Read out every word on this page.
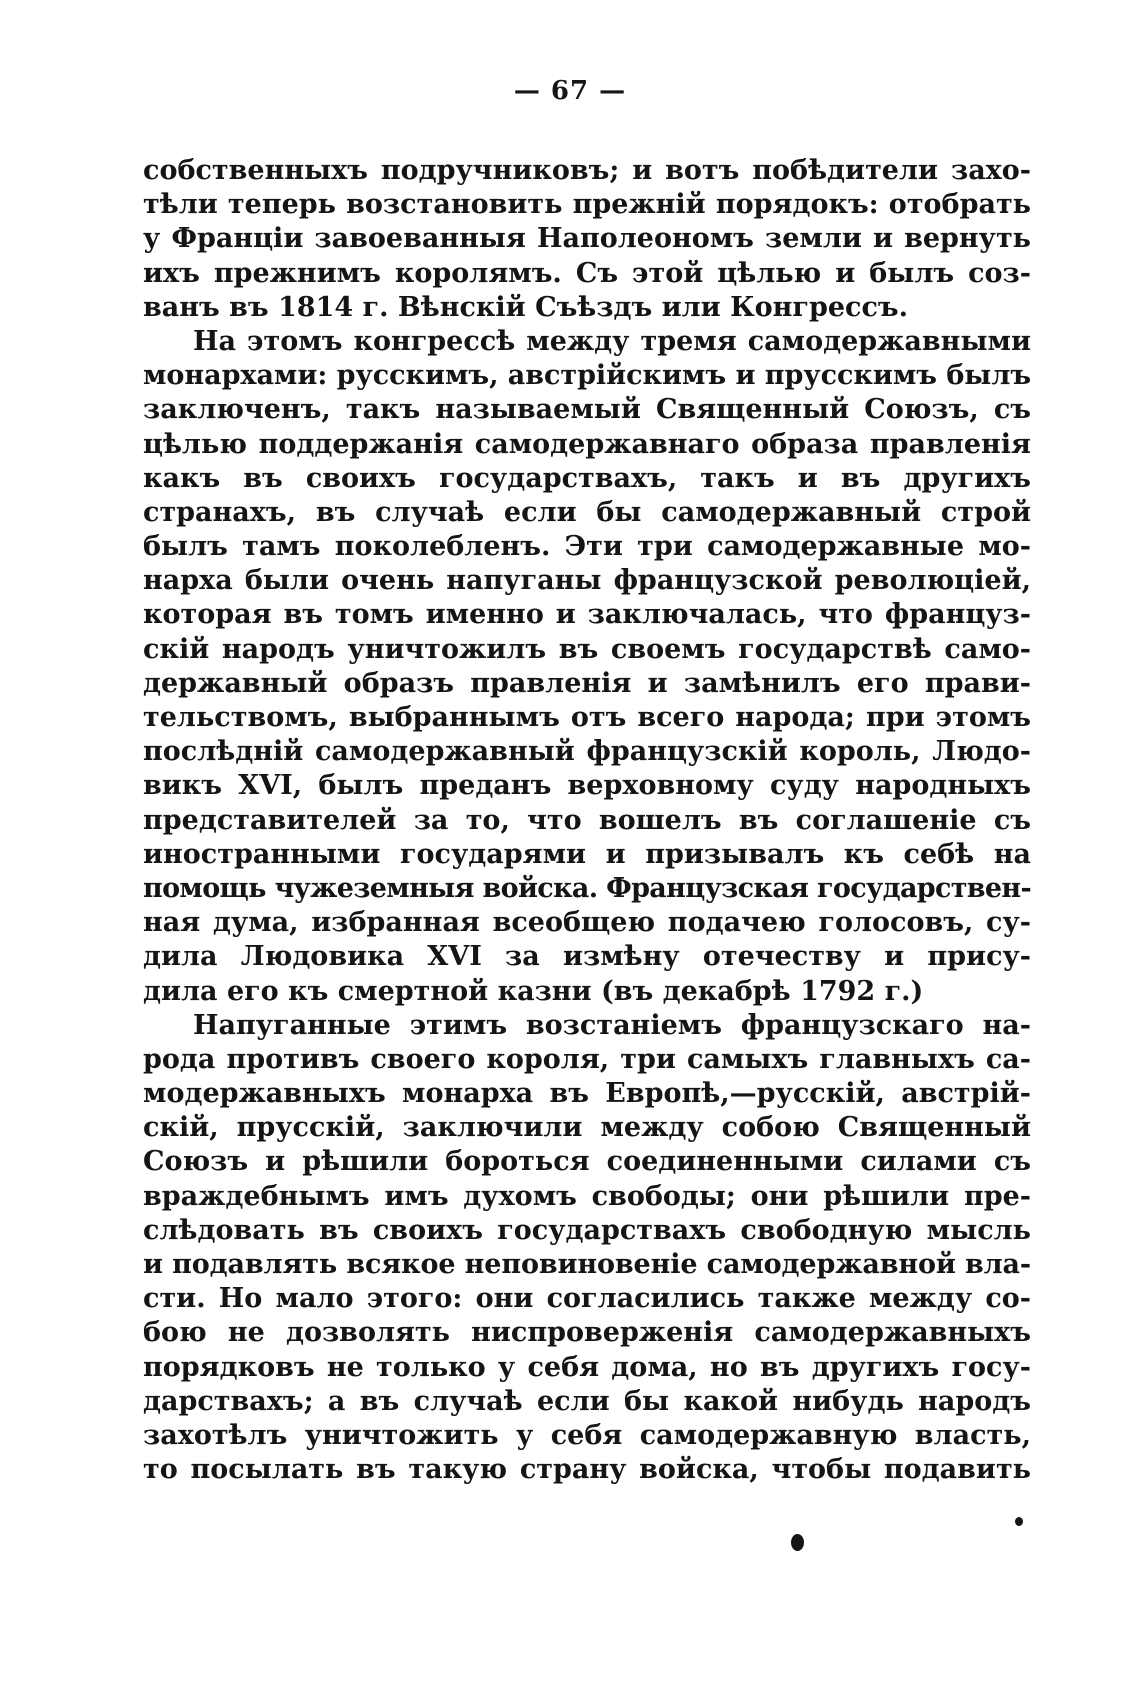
— 67 —
собственныхъ подручниковъ; и вотъ побѣдители захо-
тѣли теперь возстановить прежній порядокъ: отобрать
у Франціи завоеванныя Наполеономъ земли и вернуть
ихъ прежнимъ королямъ. Съ этой цѣлью и былъ соз-
ванъ въ 1814 г. Вѣнскій Съѣздъ или Конгрессъ.
На этомъ конгрессѣ между тремя самодержавными
монархами: русскимъ, австрійскимъ и прусскимъ былъ
заключенъ, такъ называемый Священный Союзъ, съ
цѣлью поддержанія самодержавнаго образа правленія
какъ въ своихъ государствахъ, такъ и въ другихъ
странахъ, въ случаѣ если бы самодержавный строй
былъ тамъ поколебленъ. Эти три самодержавные мо-
нарха были очень напуганы французской революціей,
которая въ томъ именно и заключалась, что француз-
скій народъ уничтожилъ въ своемъ государствѣ само-
державный образъ правленія и замѣнилъ его прави-
тельствомъ, выбраннымъ отъ всего народа; при этомъ
послѣдній самодержавный французскій король, Людо-
викъ XVI, былъ преданъ верховному суду народныхъ
представителей за то, что вошелъ въ соглашеніе съ
иностранными государями и призывалъ къ себѣ на
помощь чужеземныя войска. Французская государствен-
ная дума, избранная всеобщею подачею голосовъ, су-
дила Людовика XVI за измѣну отечеству и прису-
дила его къ смертной казни (въ декабрѣ 1792 г.)
Напуганные этимъ возстаніемъ французскаго на-
рода противъ своего короля, три самыхъ главныхъ са-
модержавныхъ монарха въ Европѣ,—русскій, австрій-
скій, прусскій, заключили между собою Священный
Союзъ и рѣшили бороться соединенными силами съ
враждебнымъ имъ духомъ свободы; они рѣшили пре-
слѣдовать въ своихъ государствахъ свободную мысль
и подавлять всякое неповиновеніе самодержавной вла-
сти. Но мало этого: они согласились также между со-
бою не дозволять ниспроверженія самодержавныхъ
порядковъ не только у себя дома, но въ другихъ госу-
дарствахъ; а въ случаѣ если бы какой нибудь народъ
захотѣлъ уничтожить у себя самодержавную власть,
то посылать въ такую страну войска, чтобы подавить
